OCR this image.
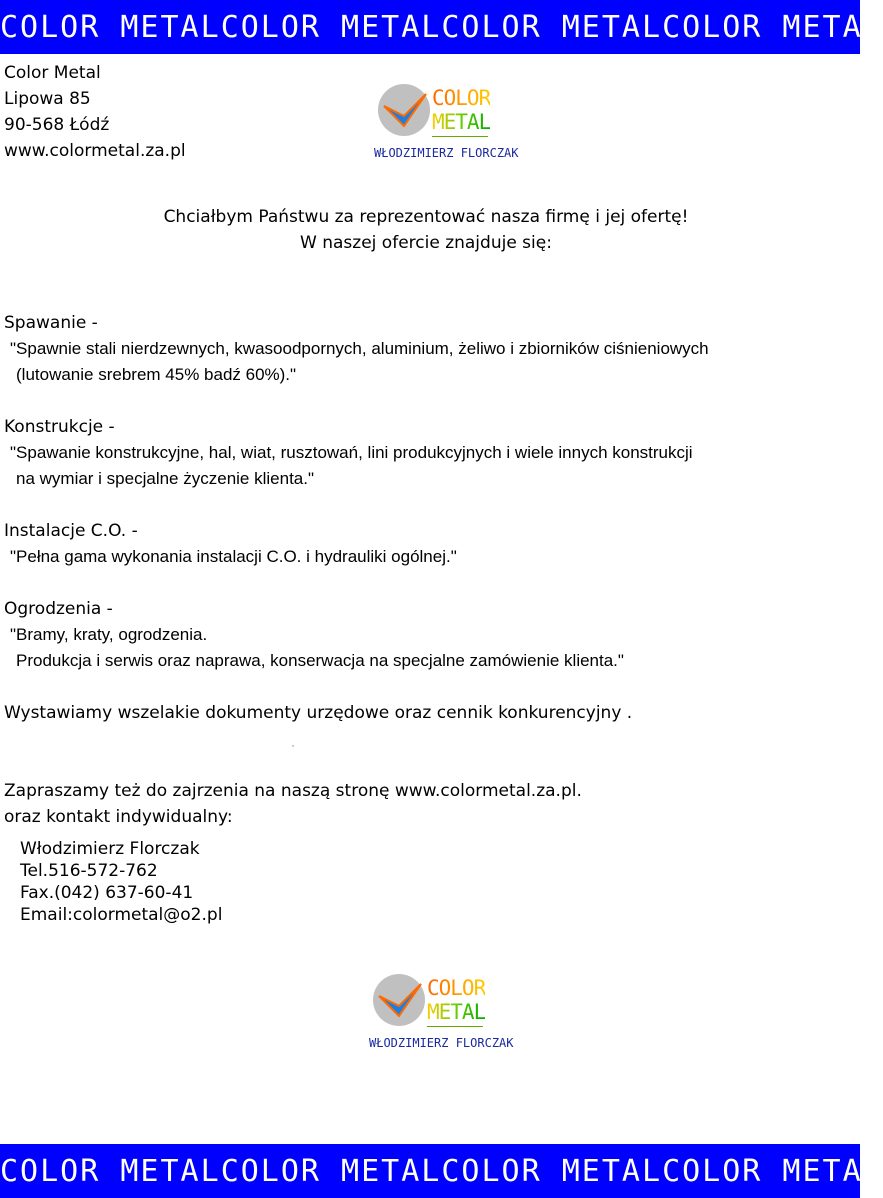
COLOR METAL COLOR METAL COLOR METAL COLOR METAL
Color Metal
Lipowa 85
90-568 Łódź
www.colormetal.za.pl
COLOR
METAL
WŁODZIMIERZ FLORCZAK
Chciałbym Państwu za reprezentować nasza firmę i jej ofertę!
W naszej ofercie znajduje się:
Spawanie -
"Spawnie stali nierdzewnych, kwasoodpornych, aluminium, żeliwo i zbiorników ciśnieniowych
(lutowanie srebrem 45% badź 60%)."
Konstrukcje -
"Spawanie konstrukcyjne, hal, wiat, rusztowań, lini produkcyjnych i wiele innych konstrukcji
na wymiar i specjalne życzenie klienta."
Instalacje C.O. -
"Pełna gama wykonania instalacji C.O. i hydrauliki ogólnej."
Ogrodzenia -
"Bramy, kraty, ogrodzenia.
Produkcja i serwis oraz naprawa, konserwacja na specjalne zamówienie klienta."
Wystawiamy wszelakie dokumenty urzędowe oraz cennik konkurencyjny .
Zapraszamy też do zajrzenia na naszą stronę www.colormetal.za.pl.
oraz kontakt indywidualny:
Włodzimierz Florczak
Tel.516-572-762
Fax.(042) 637-60-41
Email:colormetal@o2.pl
COLOR
METAL
WŁODZIMIERZ FLORCZAK
COLOR METAL COLOR METAL COLOR METAL COLOR METAL
